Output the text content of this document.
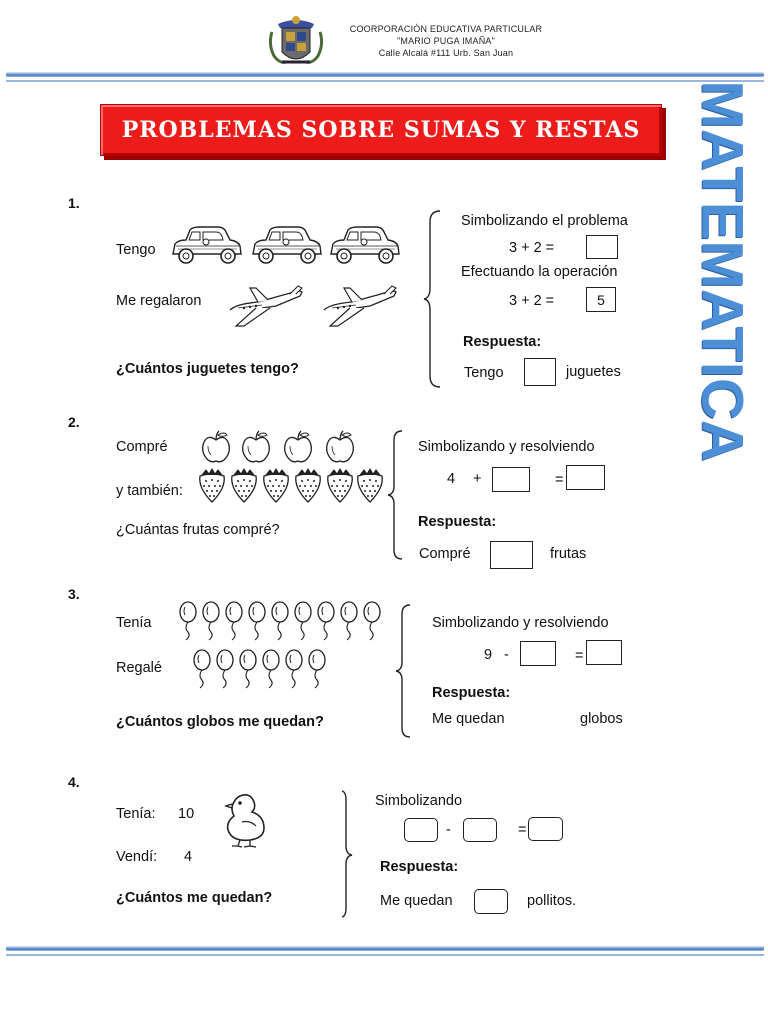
COORPORACIÓN EDUCATIVA PARTICULAR
"MARIO PUGA IMAÑA"
Calle Alcalá #111 Urb. San Juan
PROBLEMAS SOBRE SUMAS Y RESTAS MATEMATICA
1.
Tengo
Me regalaron
¿Cuántos juguetes tengo?
Simbolizando el problema
3 + 2 =
Efectuando la operación
3 + 2 =	5
Respuesta:
Tengo	juguetes
2.
Compré
y también:
¿Cuántas frutas compré?
Simbolizando y resolviendo
4 +	=
Respuesta:
Compré	frutas
3.
Tenía
Regalé
¿Cuántos globos me quedan?
Simbolizando y resolviendo
9 -	=
Respuesta:
Me quedan	globos
4.
Tenía: 10
Vendí: 4
¿Cuántos me quedan?
Simbolizando
-	=
Respuesta:
Me quedan	pollitos.
